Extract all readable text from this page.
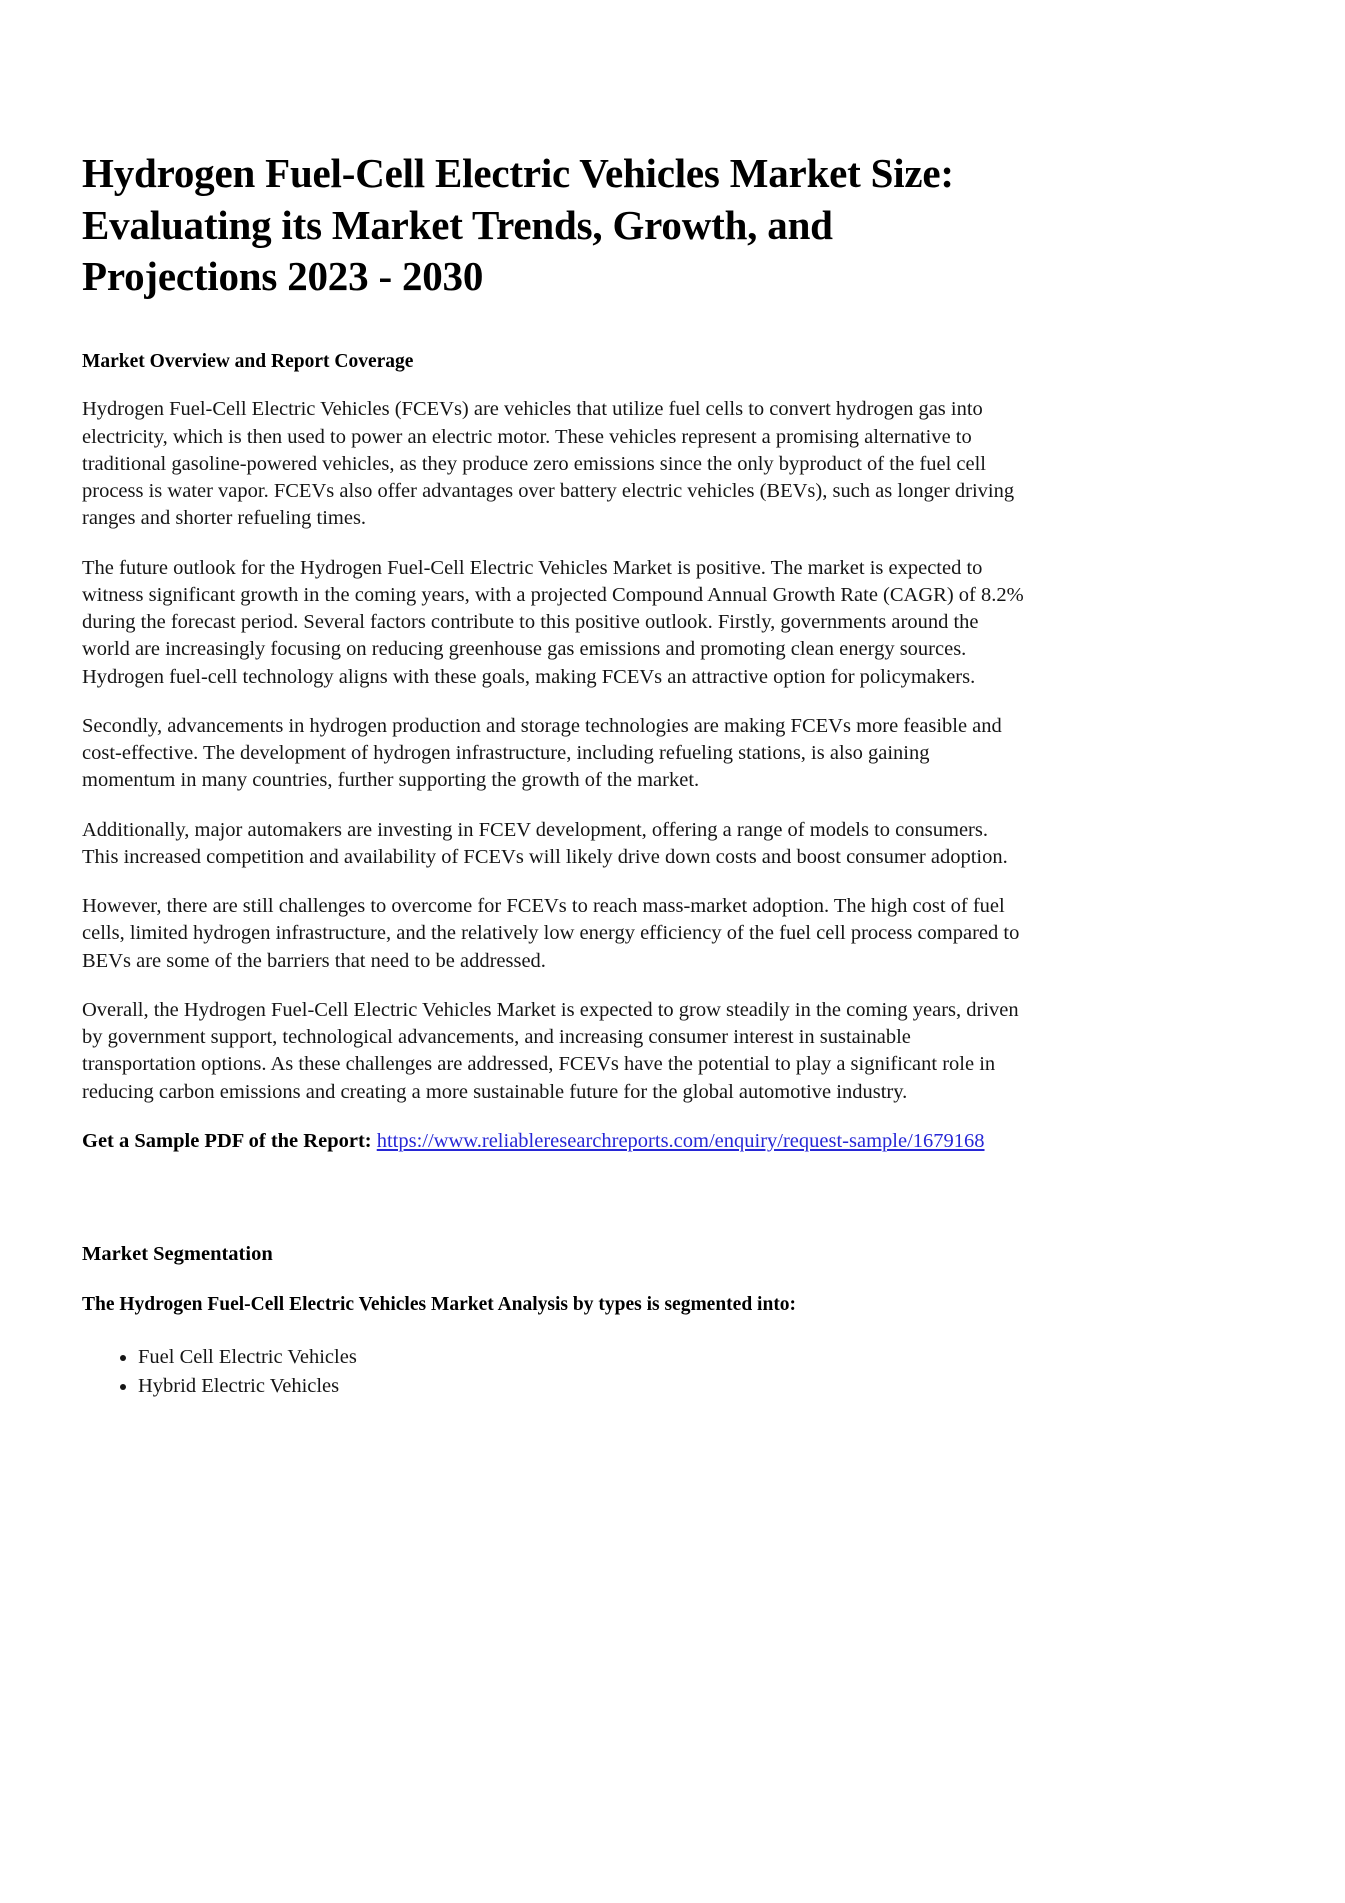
Hydrogen Fuel-Cell Electric Vehicles Market Size: Evaluating its Market Trends, Growth, and Projections 2023 - 2030
Market Overview and Report Coverage

Hydrogen Fuel-Cell Electric Vehicles (FCEVs) are vehicles that utilize fuel cells to convert hydrogen gas into electricity, which is then used to power an electric motor. These vehicles represent a promising alternative to traditional gasoline-powered vehicles, as they produce zero emissions since the only byproduct of the fuel cell process is water vapor. FCEVs also offer advantages over battery electric vehicles (BEVs), such as longer driving ranges and shorter refueling times.

The future outlook for the Hydrogen Fuel-Cell Electric Vehicles Market is positive. The market is expected to witness significant growth in the coming years, with a projected Compound Annual Growth Rate (CAGR) of 8.2% during the forecast period. Several factors contribute to this positive outlook. Firstly, governments around the world are increasingly focusing on reducing greenhouse gas emissions and promoting clean energy sources. Hydrogen fuel-cell technology aligns with these goals, making FCEVs an attractive option for policymakers.

Secondly, advancements in hydrogen production and storage technologies are making FCEVs more feasible and cost-effective. The development of hydrogen infrastructure, including refueling stations, is also gaining momentum in many countries, further supporting the growth of the market.

Additionally, major automakers are investing in FCEV development, offering a range of models to consumers. This increased competition and availability of FCEVs will likely drive down costs and boost consumer adoption.

However, there are still challenges to overcome for FCEVs to reach mass-market adoption. The high cost of fuel cells, limited hydrogen infrastructure, and the relatively low energy efficiency of the fuel cell process compared to BEVs are some of the barriers that need to be addressed.

Overall, the Hydrogen Fuel-Cell Electric Vehicles Market is expected to grow steadily in the coming years, driven by government support, technological advancements, and increasing consumer interest in sustainable transportation options. As these challenges are addressed, FCEVs have the potential to play a significant role in reducing carbon emissions and creating a more sustainable future for the global automotive industry.

Get a Sample PDF of the Report: https://www.reliableresearchreports.com/enquiry/request-sample/1679168

Market Segmentation
The Hydrogen Fuel-Cell Electric Vehicles Market Analysis by types is segmented into:
• Fuel Cell Electric Vehicles
• Hybrid Electric Vehicles
